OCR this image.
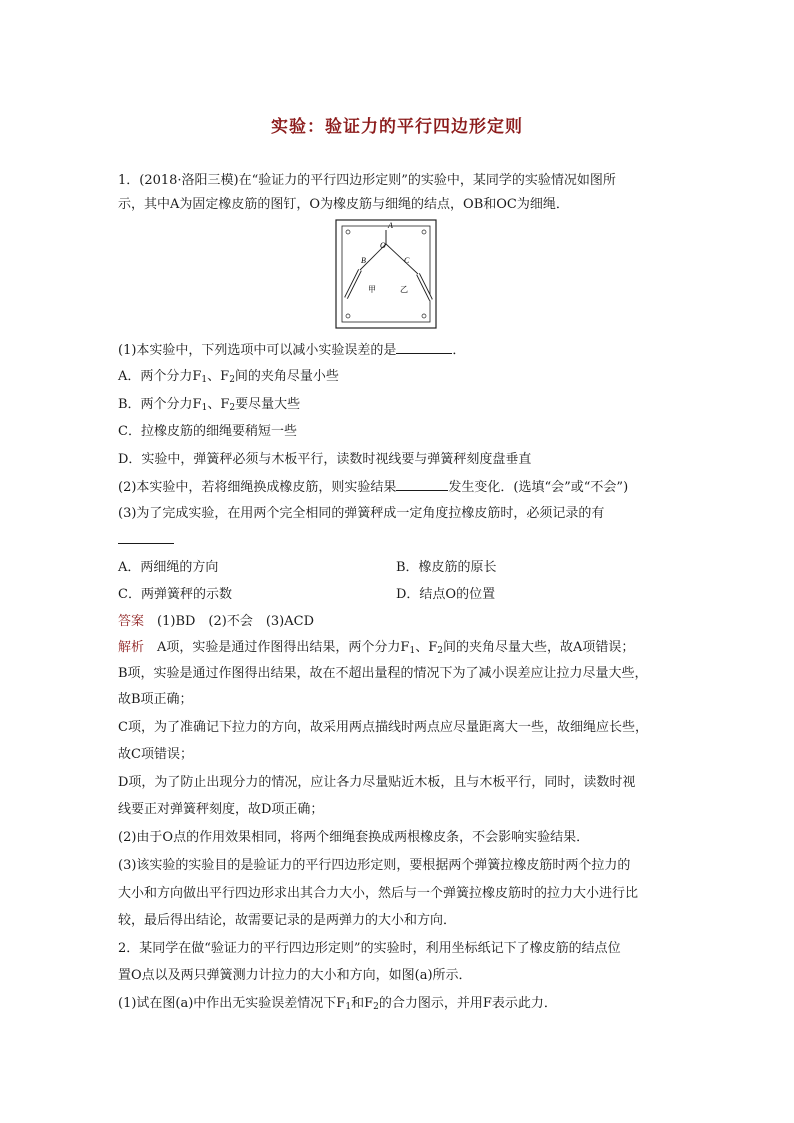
实验：验证力的平行四边形定则
1．(2018·洛阳三模)在“验证力的平行四边形定则”的实验中，某同学的实验情况如图所
示，其中A为固定橡皮筋的图钉，O为橡皮筋与细绳的结点，OB和OC为细绳．
A
O
B	C
甲	乙
(1)本实验中，下列选项中可以减小实验误差的是	．
A．两个分力$F_1$、$F_2$间的夹角尽量小些
B．两个分力$F_1$、$F_2$要尽量大些
C．拉橡皮筋的细绳要稍短一些
D．实验中，弹簧秤必须与木板平行，读数时视线要与弹簧秤刻度盘垂直
(2)本实验中，若将细绳换成橡皮筋，则实验结果	发生变化．(选填“会”或“不会”)
(3)为了完成实验，在用两个完全相同的弹簧秤成一定角度拉橡皮筋时，必须记录的有
A．两细绳的方向	B．橡皮筋的原长
C．两弹簧秤的示数	D．结点O的位置
答案　 (1)BD　(2)不会　(3)ACD
解析　 A项，实验是通过作图得出结果，两个分力$F_1$、$F_2$间的夹角尽量大些，故A项错误；
B项，实验是通过作图得出结果，故在不超出量程的情况下为了减小误差应让拉力尽量大些，
故B项正确；
C项，为了准确记下拉力的方向，故采用两点描线时两点应尽量距离大一些，故细绳应长些，
故C项错误；
D项，为了防止出现分力的情况，应让各力尽量贴近木板，且与木板平行，同时，读数时视
线要正对弹簧秤刻度，故D项正确；
(2)由于O点的作用效果相同，将两个细绳套换成两根橡皮条，不会影响实验结果．
(3)该实验的实验目的是验证力的平行四边形定则，要根据两个弹簧拉橡皮筋时两个拉力的
大小和方向做出平行四边形求出其合力大小，然后与一个弹簧拉橡皮筋时的拉力大小进行比
较，最后得出结论，故需要记录的是两弹力的大小和方向．
2．某同学在做“验证力的平行四边形定则”的实验时，利用坐标纸记下了橡皮筋的结点位
置O点以及两只弹簧测力计拉力的大小和方向，如图(a)所示．
(1)试在图(a)中作出无实验误差情况下$F_1$和$F_2$的合力图示，并用F表示此力．
